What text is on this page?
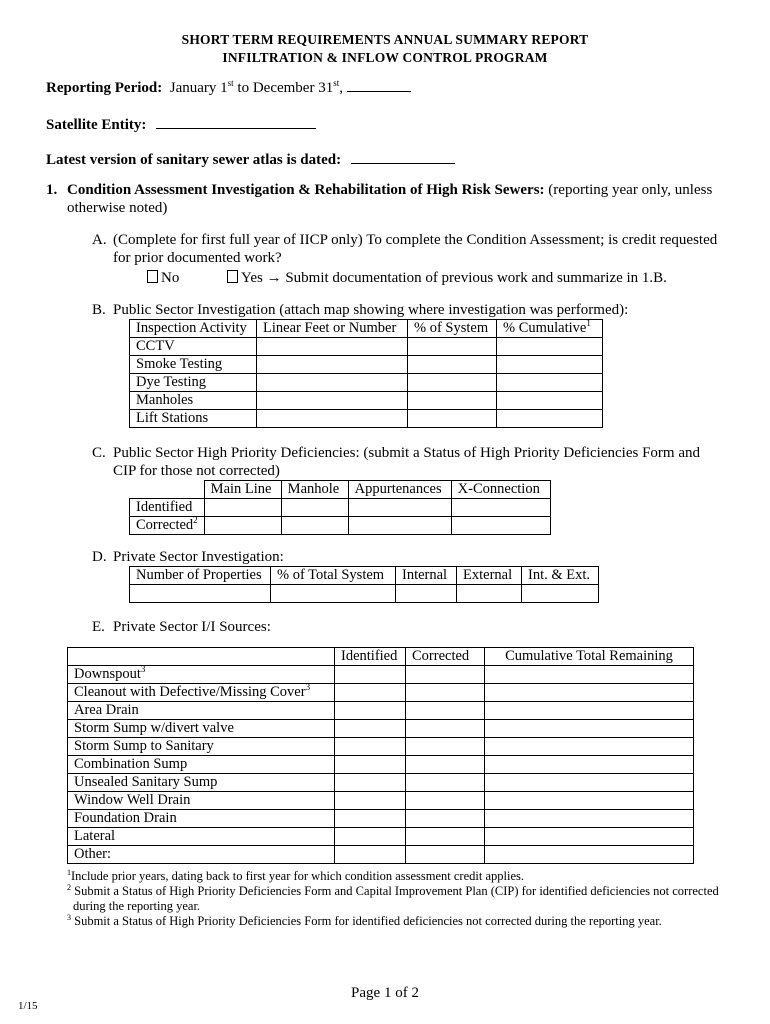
SHORT TERM REQUIREMENTS ANNUAL SUMMARY REPORT
INFILTRATION & INFLOW CONTROL PROGRAM
Reporting Period: January 1st to December 31st,
Satellite Entity:
Latest version of sanitary sewer atlas is dated:
1. Condition Assessment Investigation & Rehabilitation of High Risk Sewers: (reporting year only, unless
otherwise noted)
A. (Complete for first full year of IICP only) To complete the Condition Assessment; is credit requested
for prior documented work?
No	Yes → Submit documentation of previous work and summarize in 1.B.
B. Public Sector Investigation (attach map showing where investigation was performed):
Inspection Activity	Linear Feet or Number	% of System	% Cumulative$^1$
CCTV			
Smoke Testing			
Dye Testing			
Manholes			
Lift Stations			
C. Public Sector High Priority Deficiencies: (submit a Status of High Priority Deficiencies Form and
CIP for those not corrected)
	Main Line	Manhole	Appurtenances	X-Connection
Identified				
Corrected$^2$				
D. Private Sector Investigation:
Number of Properties	% of Total System	Internal	External	Int. & Ext.

E. Private Sector I/I Sources:
	Identified	Corrected	Cumulative Total Remaining
Downspout$^3$			
Cleanout with Defective/Missing Cover$^3$			
Area Drain			
Storm Sump w/divert valve			
Storm Sump to Sanitary			
Combination Sump			
Unsealed Sanitary Sump			
Window Well Drain			
Foundation Drain			
Lateral			
Other:			
$^1$Include prior years, dating back to first year for which condition assessment credit applies.
$^2$ Submit a Status of High Priority Deficiencies Form and Capital Improvement Plan (CIP) for identified deficiencies not corrected
during the reporting year.
$^3$ Submit a Status of High Priority Deficiencies Form for identified deficiencies not corrected during the reporting year.
Page 1 of 2
1/15
